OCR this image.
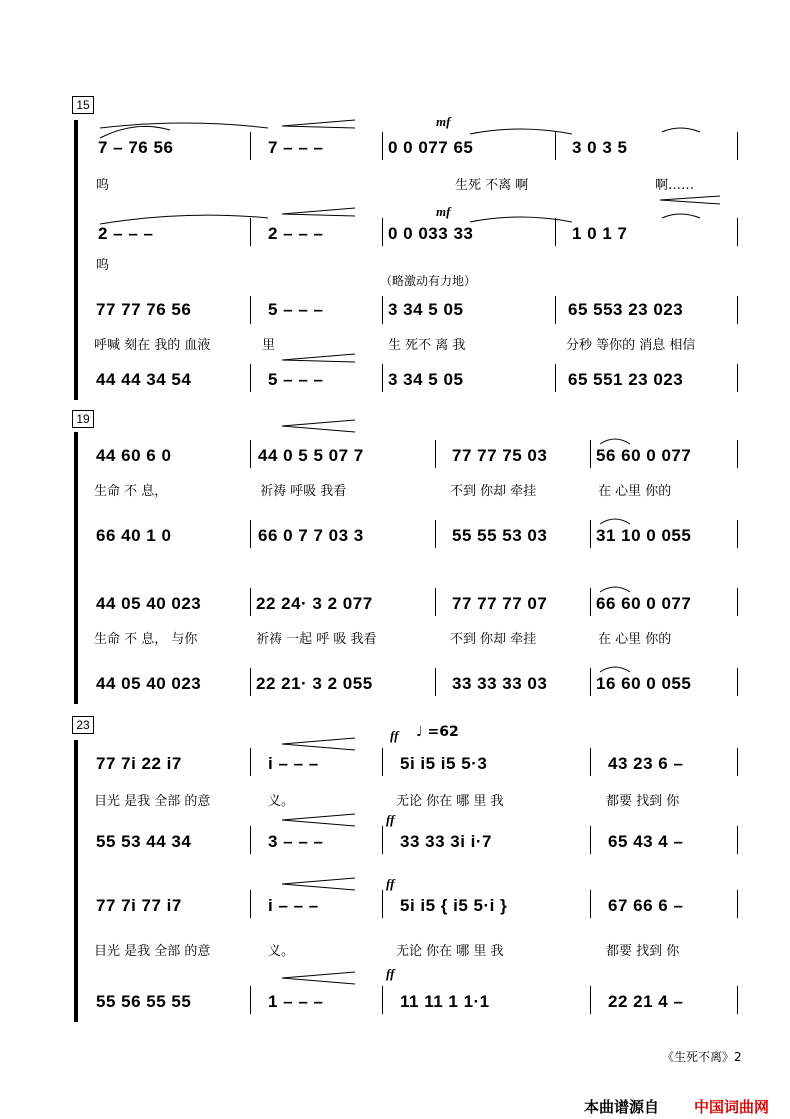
15
mf
mf
（略激动有力地）
7 – 76 56	7 – – –	0 0 077 65	3 0 3 5
呜	生死 不离 啊	啊……
2 – – –	2 – – –	0 0 033 33	1 0 1 7
呜
77 77 76 56	5 – – –	3 34 5 05	65 553 23 023
呼喊 刻在 我的 血液	里	生 死不 离 我	分秒 等你的 消息 相信
44 44 34 54	5 – – –	3 34 5 05	65 551 23 023
19
44 60 6 0	44 0 5 5 07 7	77 77 75 03	56 60 0 077
生命 不 息，	祈祷 呼吸 我看	不到 你却 牵挂	在 心里 你的
66 40 1 0	66 0 7 7 03 3	55 55 53 03	31 10 0 055
44 05 40 023	22 24· 3 2 077	77 77 77 07	66 60 0 077
生命 不 息， 与你	祈祷 一起 呼 吸 我看	不到 你却 牵挂	在 心里 你的
44 05 40 023	22 21· 3 2 055	33 33 33 03	16 60 0 055
23
ff ♩ =62
ff
ff
ff
77 7i 22 i7	i – – –	5i i5 i5 5·3	43 23 6 –
目光 是我 全部 的意	义。	无论 你在 哪 里 我	都要 找到 你
55 53 44 34	3 – – –	33 33 3i i·7	65 43 4 –
77 7i 77 i7	i – – –	5i i5 { i5 5·i }	67 66 6 –
目光 是我 全部 的意	义。	无论 你在 哪 里 我	都要 找到 你
55 56 55 55	1 – – –	11 11 1 1·1	22 21 4 –
《生死不离》2
本曲谱源自 中国词曲网
